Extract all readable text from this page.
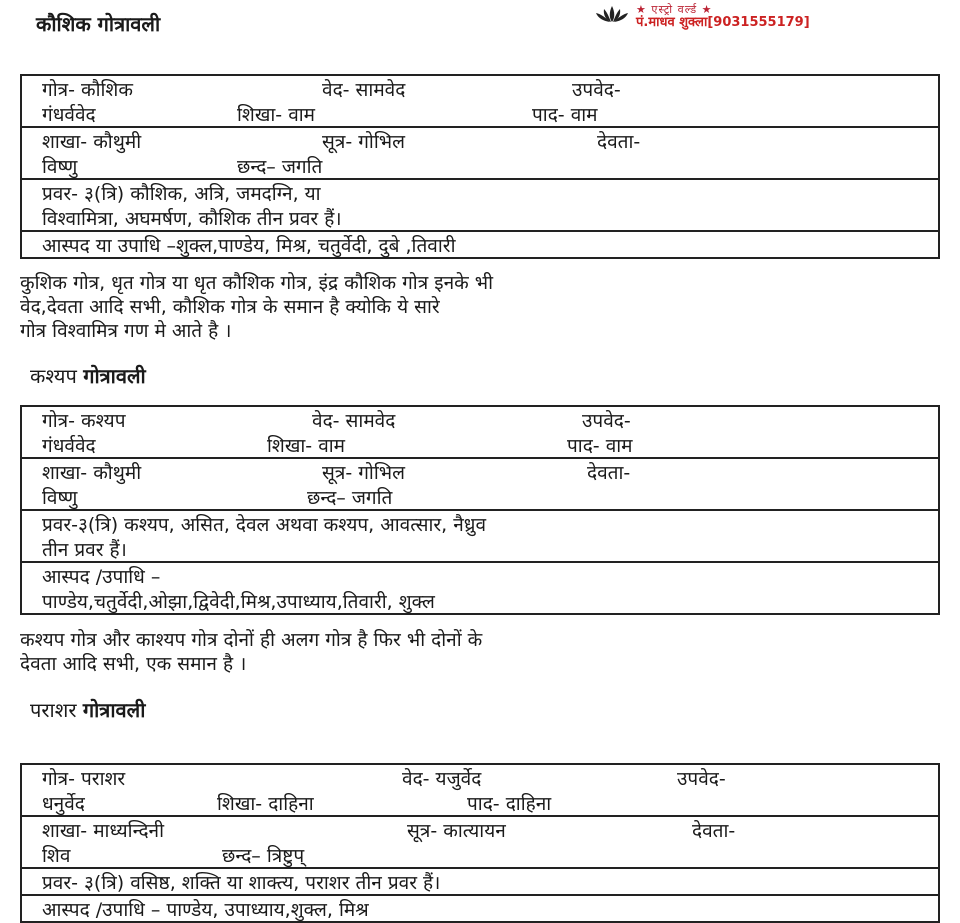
★ एस्ट्रो वर्ल्ड ★
पं.माधव शुक्ला[9031555179]
कौशिक गोत्रावली
गोत्र- कौशिक	वेद- सामवेद	उपवेद-
गंधर्ववेद	शिखा- वाम	पाद- वाम
शाखा- कौथुमी	सूत्र- गोभिल	देवता-
विष्णु	छन्द– जगति
प्रवर- ३(त्रि) कौशिक, अत्रि, जमदग्नि, या
विश्वामित्रा, अघमर्षण, कौशिक तीन प्रवर हैं।
आस्पद या उपाधि –शुक्ल,पाण्डेय, मिश्र, चतुर्वेदी, दुबे ,तिवारी
कुशिक गोत्र, धृत गोत्र या धृत कौशिक गोत्र, इंद्र कौशिक गोत्र इनके भी
वेद,देवता आदि सभी, कौशिक गोत्र के समान है क्योकि ये सारे
गोत्र विश्वामित्र गण मे आते है ।
कश्यप गोत्रावली
गोत्र- कश्यप	वेद- सामवेद	उपवेद-
गंधर्ववेद	शिखा- वाम	पाद- वाम
शाखा- कौथुमी	सूत्र- गोभिल	देवता-
विष्णु	छन्द– जगति
प्रवर-३(त्रि) कश्यप, असित, देवल अथवा कश्यप, आवत्सार, नैध्रुव
तीन प्रवर हैं।
आस्पद /उपाधि –
पाण्डेय,चतुर्वेदी,ओझा,द्विवेदी,मिश्र,उपाध्याय,तिवारी, शुक्ल
कश्यप गोत्र और काश्यप गोत्र दोनों ही अलग गोत्र है फिर भी दोनों के
देवता आदि सभी, एक समान है ।
पराशर गोत्रावली
गोत्र- पराशर	वेद- यजुर्वेद	उपवेद-
धनुर्वेद	शिखा- दाहिना	पाद- दाहिना
शाखा- माध्यन्दिनी	सूत्र- कात्यायन	देवता-
शिव	छन्द– त्रिष्टुप्
प्रवर- ३(त्रि) वसिष्ठ, शक्ति या शाक्त्य, पराशर तीन प्रवर हैं।
आस्पद /उपाधि – पाण्डेय, उपाध्याय,शुक्ल, मिश्र
